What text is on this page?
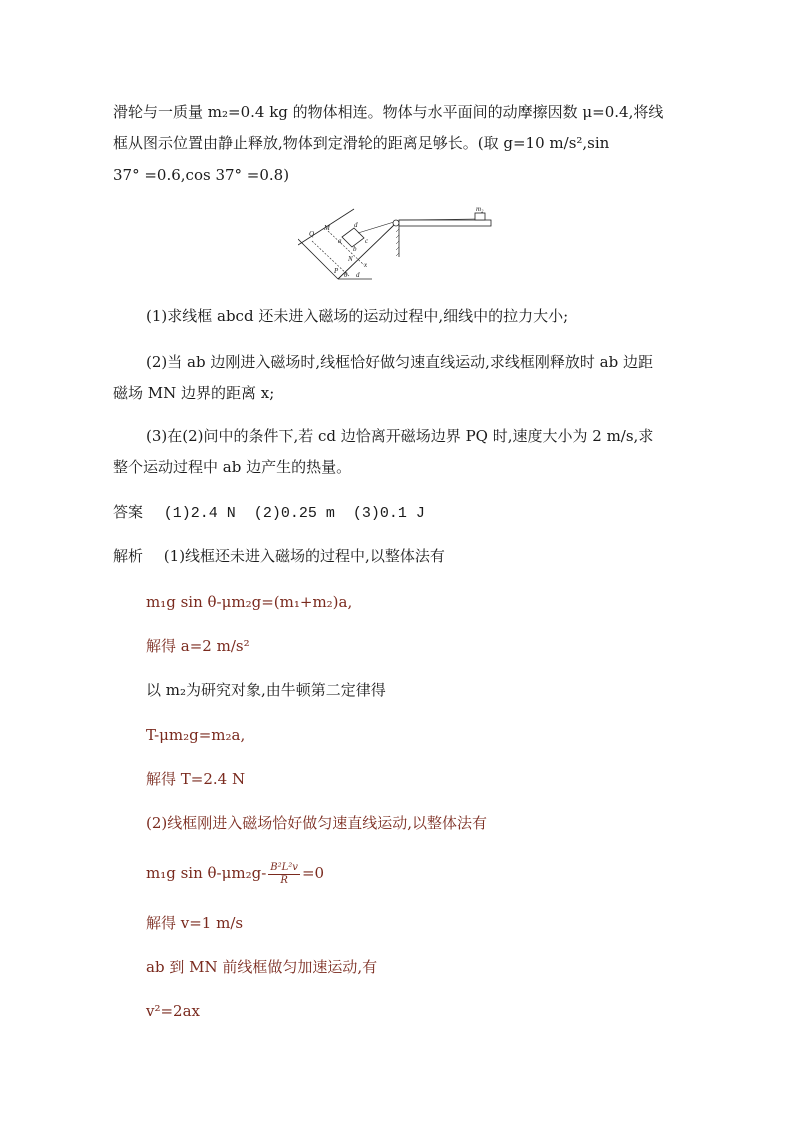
滑轮与一质量 m₂=0.4 kg 的物体相连。物体与水平面间的动摩擦因数 μ=0.4,将线
框从图示位置由静止释放,物体到定滑轮的距离足够长。(取 g=10 m/s²,sin
37° =0.6,cos 37° =0.8)
m₂
Q
M
a
b
c
d
N
x
P θ d
(1)求线框 abcd 还未进入磁场的运动过程中,细线中的拉力大小;
(2)当 ab 边刚进入磁场时,线框恰好做匀速直线运动,求线框刚释放时 ab 边距
磁场 MN 边界的距离 x;
(3)在(2)问中的条件下,若 cd 边恰离开磁场边界 PQ 时,速度大小为 2 m/s,求
整个运动过程中 ab 边产生的热量。
答案 (1)2.4 N  (2)0.25 m  (3)0.1 J
解析 (1)线框还未进入磁场的过程中,以整体法有
m₁g sin θ-μm₂g=(m₁+m₂)a,
解得 a=2 m/s²
以 m₂为研究对象,由牛顿第二定律得
T-μm₂g=m₂a,
解得 T=2.4 N
(2)线框刚进入磁场恰好做匀速直线运动,以整体法有
m₁g $\sin \theta-\mu m_2g- \frac{\text{B²L²v}}{R} =0$
解得 v=1 m/s
ab 到 MN 前线框做匀加速运动,有
v²=2ax
